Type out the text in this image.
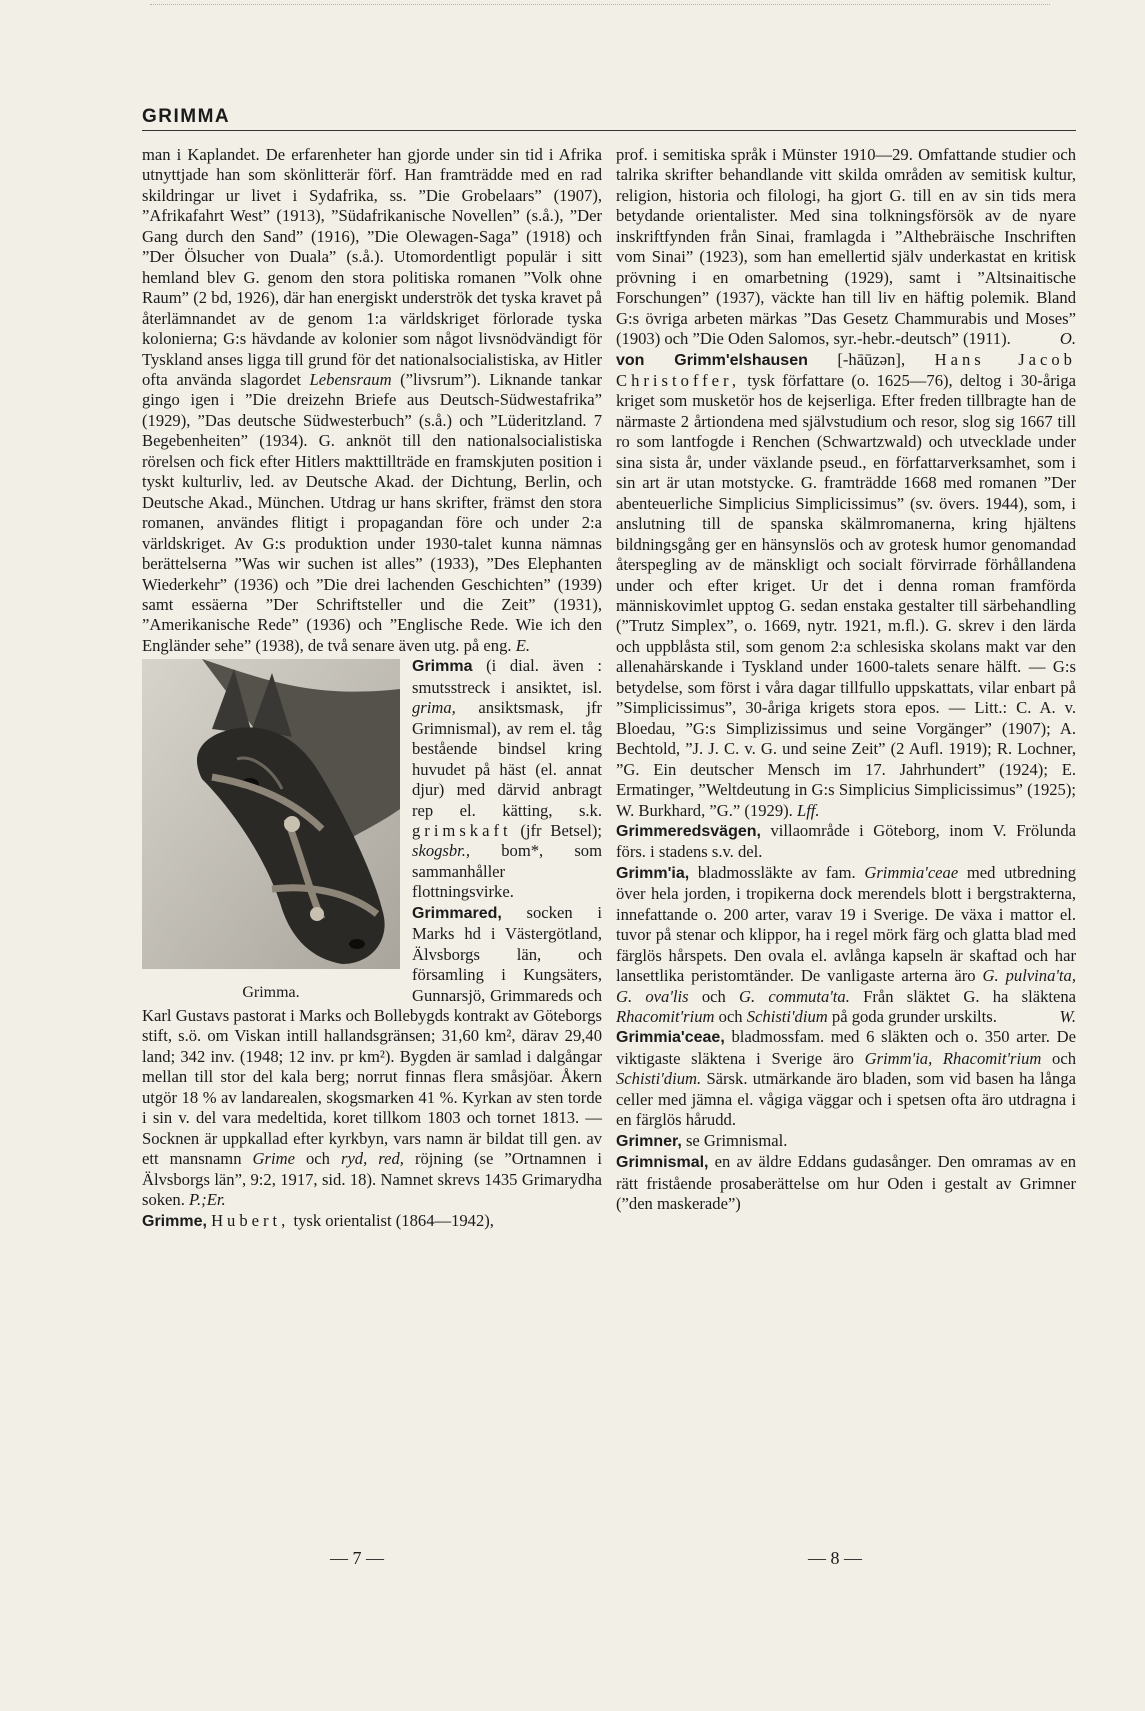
GRIMMA

man i Kaplandet. De erfarenheter han gjorde under sin tid i Afrika utnyttjade han som skönlitterär förf. Han framträdde med en rad skildringar ur livet i Sydafrika, ss. ”Die Grobelaars” (1907), ”Afrikafahrt West” (1913), ”Südafrikanische Novellen” (s.å.), ”Der Gang durch den Sand” (1916), ”Die Olewagen-Saga” (1918) och ”Der Ölsucher von Duala” (s.å.). Utomordentligt populär i sitt hemland blev G. genom den stora politiska romanen ”Volk ohne Raum” (2 bd, 1926), där han energiskt underströk det tyska kravet på återlämnandet av de genom 1:a världskriget förlorade tyska kolonierna; G:s hävdande av kolonier som något livsnödvändigt för Tyskland anses ligga till grund för det nationalsocialistiska, av Hitler ofta använda slagordet Lebensraum (”livsrum”). Liknande tankar gingo igen i ”Die dreizehn Briefe aus Deutsch-Südwestafrika” (1929), ”Das deutsche Südwesterbuch” (s.å.) och ”Lüderitzland. 7 Begebenheiten” (1934). G. anknöt till den nationalsocialistiska rörelsen och fick efter Hitlers makttillträde en framskjuten position i tyskt kulturliv, led. av Deutsche Akad. der Dichtung, Berlin, och Deutsche Akad., München. Utdrag ur hans skrifter, främst den stora romanen, användes flitigt i propagandan före och under 2:a världskriget. Av G:s produktion under 1930-talet kunna nämnas berättelserna ”Was wir suchen ist alles” (1933), ”Des Elephanten Wiederkehr” (1936) och ”Die drei lachenden Geschichten” (1939) samt essäerna ”Der Schriftsteller und die Zeit” (1931), ”Amerikanische Rede” (1936) och ”Englische Rede. Wie ich den Engländer sehe” (1938), de två senare även utg. på eng. E.

Grimma.

Grimma (i dial. även : smutsstreck i ansiktet, isl. grima, ansiktsmask, jfr Grimnismal), av rem el. tåg bestående bindsel kring huvudet på häst (el. annat djur) med därvid anbragt rep el. kätting, s.k. grimskaft (jfr Betsel); skogsbr., bom*, som sammanhåller flottningsvirke.

Grimmared, socken i Marks hd i Västergötland, Älvsborgs län, och församling i Kungsäters, Gunnarsjö, Grimmareds och Karl Gustavs pastorat i Marks och Bollebygds kontrakt av Göteborgs stift, s.ö. om Viskan intill hallandsgränsen; 31,60 km², därav 29,40 land; 342 inv. (1948; 12 inv. pr km²). Bygden är samlad i dalgångar mellan till stor del kala berg; norrut finnas flera småsjöar. Åkern utgör 18 % av landarealen, skogsmarken 41 %. Kyrkan av sten torde i sin v. del vara medeltida, koret tillkom 1803 och tornet 1813. — Socknen är uppkallad efter kyrkbyn, vars namn är bildat till gen. av ett mansnamn Grime och ryd, red, röjning (se ”Ortnamnen i Älvsborgs län”, 9:2, 1917, sid. 18). Namnet skrevs 1435 Grimarydha soken. P.;Er.

Grimme, Hubert, tysk orientalist (1864—1942),

prof. i semitiska språk i Münster 1910—29. Omfattande studier och talrika skrifter behandlande vitt skilda områden av semitisk kultur, religion, historia och filologi, ha gjort G. till en av sin tids mera betydande orientalister. Med sina tolkningsförsök av de nyare inskriftfynden från Sinai, framlagda i ”Althebräische Inschriften vom Sinai” (1923), som han emellertid själv underkastat en kritisk prövning i en omarbetning (1929), samt i ”Altsinaitische Forschungen” (1937), väckte han till liv en häftig polemik. Bland G:s övriga arbeten märkas ”Das Gesetz Chammurabis und Moses” (1903) och ”Die Oden Salomos, syr.-hebr.-deutsch” (1911).	O.

von Grimm'elshausen [-hāūzən], Hans Jacob Christoffer, tysk författare (o. 1625—76), deltog i 30-åriga kriget som musketör hos de kejserliga. Efter freden tillbragte han de närmaste 2 årtiondena med självstudium och resor, slog sig 1667 till ro som lantfogde i Renchen (Schwartzwald) och utvecklade under sina sista år, under växlande pseud., en författarverksamhet, som i sin art är utan motstycke. G. framträdde 1668 med romanen ”Der abenteuerliche Simplicius Simplicissimus” (sv. övers. 1944), som, i anslutning till de spanska skälmromanerna, kring hjältens bildningsgång ger en hänsynslös och av grotesk humor genomandad återspegling av de mänskligt och socialt förvirrade förhållandena under och efter kriget. Ur det i denna roman framförda människovimlet upptog G. sedan enstaka gestalter till särbehandling (”Trutz Simplex”, o. 1669, nytr. 1921, m.fl.). G. skrev i den lärda och uppblåsta stil, som genom 2:a schlesiska skolans makt var den allenahärskande i Tyskland under 1600-talets senare hälft. — G:s betydelse, som först i våra dagar tillfullo uppskattats, vilar enbart på ”Simplicissimus”, 30-åriga krigets stora epos. — Litt.: C. A. v. Bloedau, ”G:s Simplizissimus und seine Vorgänger” (1907); A. Bechtold, ”J. J. C. v. G. und seine Zeit” (2 Aufl. 1919); R. Lochner, ”G. Ein deutscher Mensch im 17. Jahrhundert” (1924); E. Ermatinger, ”Weltdeutung in G:s Simplicius Simplicissimus” (1925); W. Burkhard, ”G.” (1929). Lff.

Grimmeredsvägen, villaområde i Göteborg, inom V. Frölunda förs. i stadens s.v. del.

Grimm'ia, bladmossläkte av fam. Grimmia'ceae med utbredning över hela jorden, i tropikerna dock merendels blott i bergstrakterna, innefattande o. 200 arter, varav 19 i Sverige. De växa i mattor el. tuvor på stenar och klippor, ha i regel mörk färg och glatta blad med färglös hårspets. Den ovala el. avlånga kapseln är skaftad och har lansettlika peristomtänder. De vanligaste arterna äro G. pulvina'ta, G. ova'lis och G. commuta'ta. Från släktet G. ha släktena Rhacomit'rium och Schisti'dium på goda grunder urskilts.	W.

Grimmia'ceae, bladmossfam. med 6 släkten och o. 350 arter. De viktigaste släktena i Sverige äro Grimm'ia, Rhacomit'rium och Schisti'dium. Särsk. utmärkande äro bladen, som vid basen ha långa celler med jämna el. vågiga väggar och i spetsen ofta äro utdragna i en färglös hårudd.

Grimner, se Grimnismal.

Grimnismal, en av äldre Eddans gudasånger. Den omramas av en rätt fristående prosaberättelse om hur Oden i gestalt av Grimner (”den maskerade”)

— 7 —	— 8 —
